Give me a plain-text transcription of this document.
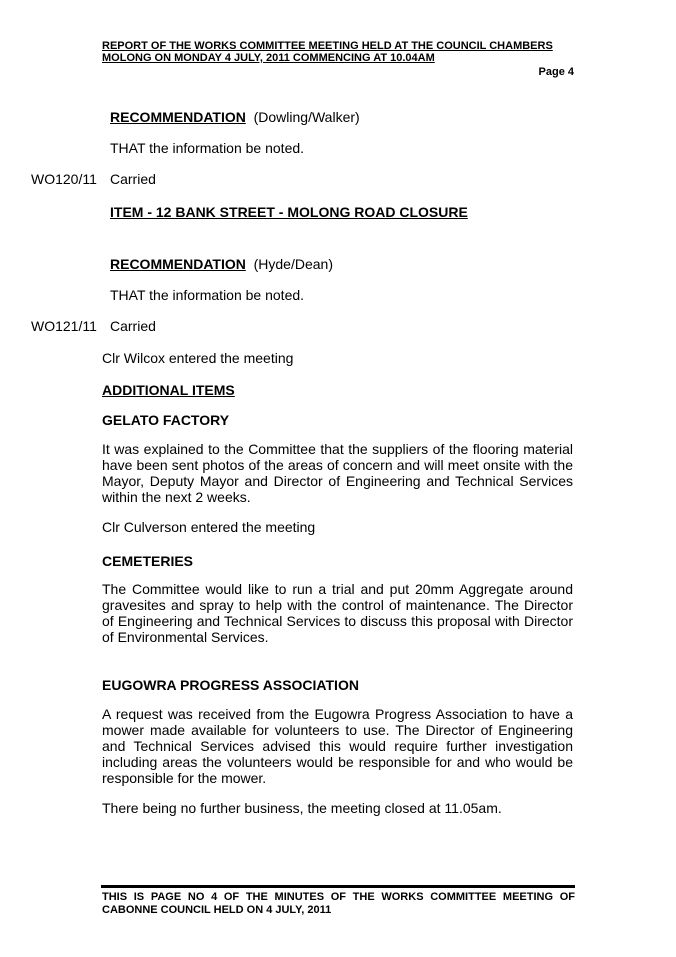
REPORT OF THE WORKS COMMITTEE MEETING HELD AT THE COUNCIL CHAMBERS
MOLONG ON MONDAY 4 JULY, 2011 COMMENCING AT 10.04AM
Page 4
RECOMMENDATION (Dowling/Walker)
THAT the information be noted.
WO120/11 Carried
ITEM - 12 BANK STREET - MOLONG ROAD CLOSURE
RECOMMENDATION (Hyde/Dean)
THAT the information be noted.
WO121/11 Carried
Clr Wilcox entered the meeting
ADDITIONAL ITEMS
GELATO FACTORY
It was explained to the Committee that the suppliers of the flooring material have been sent photos of the areas of concern and will meet onsite with the Mayor, Deputy Mayor and Director of Engineering and Technical Services within the next 2 weeks.
Clr Culverson entered the meeting
CEMETERIES
The Committee would like to run a trial and put 20mm Aggregate around gravesites and spray to help with the control of maintenance. The Director of Engineering and Technical Services to discuss this proposal with Director of Environmental Services.
EUGOWRA PROGRESS ASSOCIATION
A request was received from the Eugowra Progress Association to have a mower made available for volunteers to use. The Director of Engineering and Technical Services advised this would require further investigation including areas the volunteers would be responsible for and who would be responsible for the mower.
There being no further business, the meeting closed at 11.05am.
THIS IS PAGE NO 4 OF THE MINUTES OF THE WORKS COMMITTEE MEETING OF CABONNE COUNCIL HELD ON 4 JULY, 2011
